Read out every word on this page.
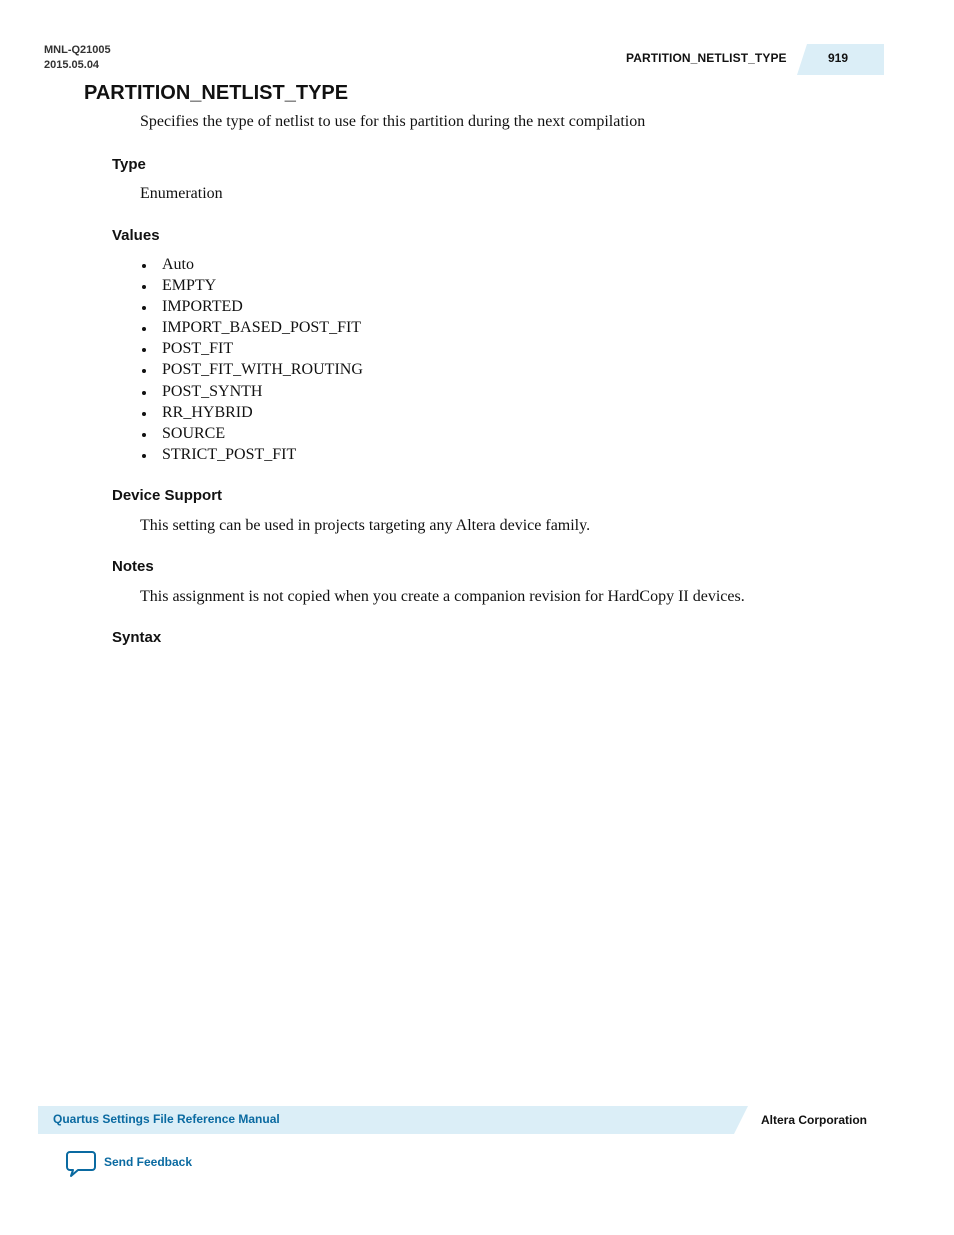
MNL-Q21005
2015.05.04	PARTITION_NETLIST_TYPE	919
PARTITION_NETLIST_TYPE
Specifies the type of netlist to use for this partition during the next compilation
Type
Enumeration
Values
Auto
EMPTY
IMPORTED
IMPORT_BASED_POST_FIT
POST_FIT
POST_FIT_WITH_ROUTING
POST_SYNTH
RR_HYBRID
SOURCE
STRICT_POST_FIT
Device Support
This setting can be used in projects targeting any Altera device family.
Notes
This assignment is not copied when you create a companion revision for HardCopy II devices.
Syntax
Quartus Settings File Reference Manual	Altera Corporation
Send Feedback
